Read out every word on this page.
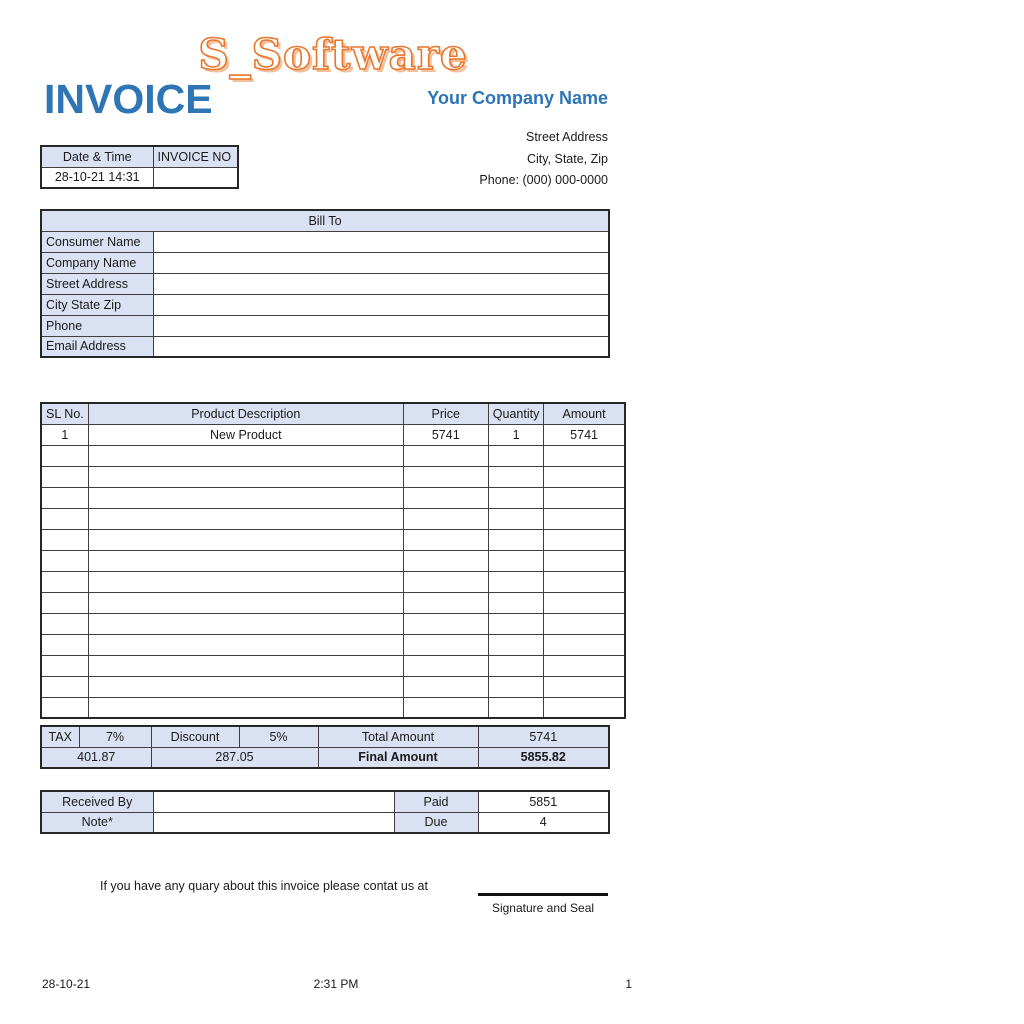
S_Software
INVOICE	Your Company Name
Street Address
City, State, Zip
Phone: (000) 000-0000
Date & Time	INVOICE NO
28-10-21 14:31	
Bill To	
Consumer Name	
Company Name	
Street Address	
City State Zip	
Phone	
Email Address	
SL No.	Product Description	Price	Quantity	Amount
1	New Product	5741	1	5741

TAX	7%	Discount	5%	Total Amount	5741
401.87		287.05		Final Amount	5855.82
Received By		Paid	5851
Note*		Due	4
If you have any quary about this invoice please contat us at
Signature and Seal
28-10-21	2:31 PM	1
